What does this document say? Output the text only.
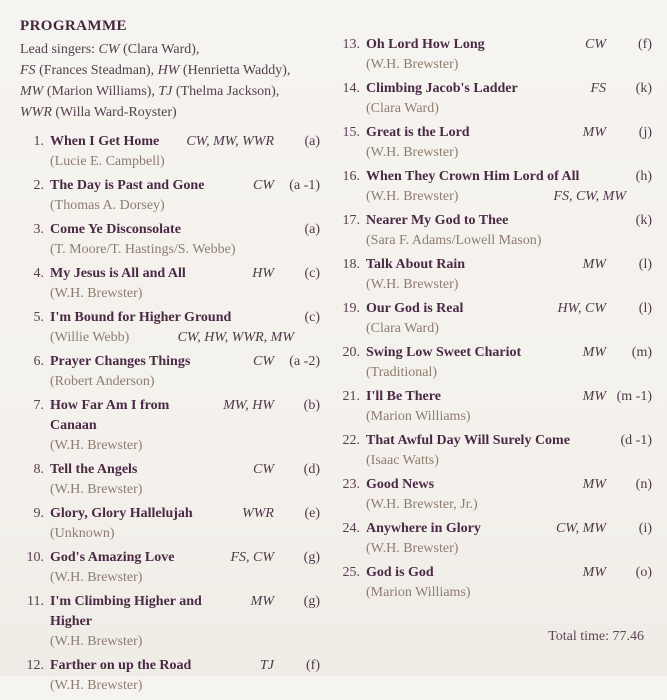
PROGRAMME
Lead singers: CW (Clara Ward),
FS (Frances Steadman), HW (Henrietta Waddy),
MW (Marion Williams), TJ (Thelma Jackson),
WWR (Willa Ward-Royster)
1. When I Get Home	CW, MW, WWR	(a)
(Lucie E. Campbell)
2. The Day is Past and Gone	CW	(a -1)
(Thomas A. Dorsey)
3. Come Ye Disconsolate	(a)
(T. Moore/T. Hastings/S. Webbe)
4. My Jesus is All and All	HW	(c)
(W.H. Brewster)
5. I'm Bound for Higher Ground	(c)
(Willie Webb)	CW, HW, WWR, MW
6. Prayer Changes Things	CW	(a -2)
(Robert Anderson)
7. How Far Am I from Canaan
MW, HW	(b)
(W.H. Brewster)
8. Tell the Angels	CW	(d)
(W.H. Brewster)
9. Glory, Glory Hallelujah	WWR	(e)
(Unknown)
10. God's Amazing Love	FS, CW	(g)
(W.H. Brewster)
11. I'm Climbing Higher and Higher
MW	(g)
(W.H. Brewster)
12. Farther on up the Road	TJ	(f)
(W.H. Brewster)
13. Oh Lord How Long	CW	(f)
(W.H. Brewster)
14. Climbing Jacob's Ladder	FS	(k)
(Clara Ward)
15. Great is the Lord	MW	(j)
(W.H. Brewster)
16. When They Crown Him Lord of All	(h)
(W.H. Brewster)	FS, CW, MW
17. Nearer My God to Thee	(k)
(Sara F. Adams/Lowell Mason)
18. Talk About Rain	MW	(l)
(W.H. Brewster)
19. Our God is Real	HW, CW	(l)
(Clara Ward)
20. Swing Low Sweet Chariot	MW	(m)
(Traditional)
21. I'll Be There	MW (m -1)
(Marion Williams)
22. That Awful Day Will Surely Come	(d -1)
(Isaac Watts)
23. Good News	MW	(n)
(W.H. Brewster, Jr.)
24. Anywhere in Glory	CW, MW	(i)
(W.H. Brewster)
25. God is God	MW	(o)
(Marion Williams)
Total time: 77.46
